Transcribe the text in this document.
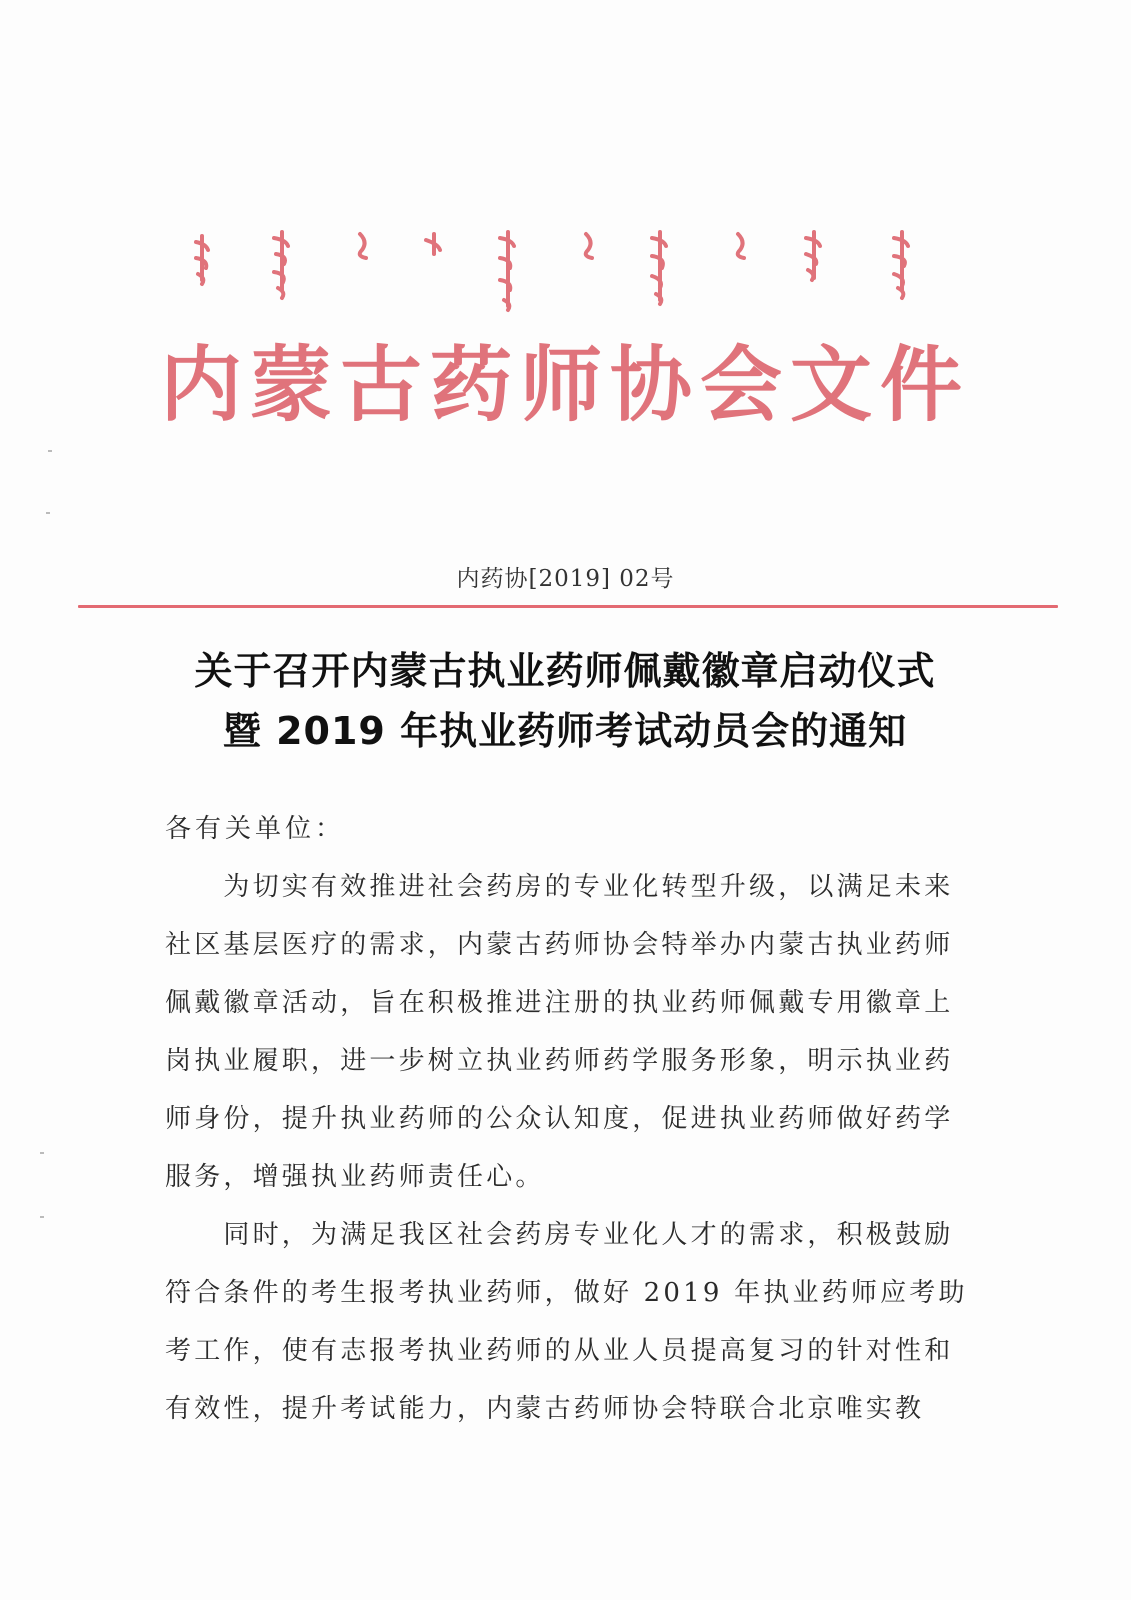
内蒙古药师协会文件
内药协[2019] 02号
关于召开内蒙古执业药师佩戴徽章启动仪式
暨 2019 年执业药师考试动员会的通知
各有关单位：
　　为切实有效推进社会药房的专业化转型升级，以满足未来
社区基层医疗的需求，内蒙古药师协会特举办内蒙古执业药师
佩戴徽章活动，旨在积极推进注册的执业药师佩戴专用徽章上
岗执业履职，进一步树立执业药师药学服务形象，明示执业药
师身份，提升执业药师的公众认知度，促进执业药师做好药学
服务，增强执业药师责任心。
　　同时，为满足我区社会药房专业化人才的需求，积极鼓励
符合条件的考生报考执业药师，做好 2019 年执业药师应考助
考工作，使有志报考执业药师的从业人员提高复习的针对性和
有效性，提升考试能力，内蒙古药师协会特联合北京唯实教
